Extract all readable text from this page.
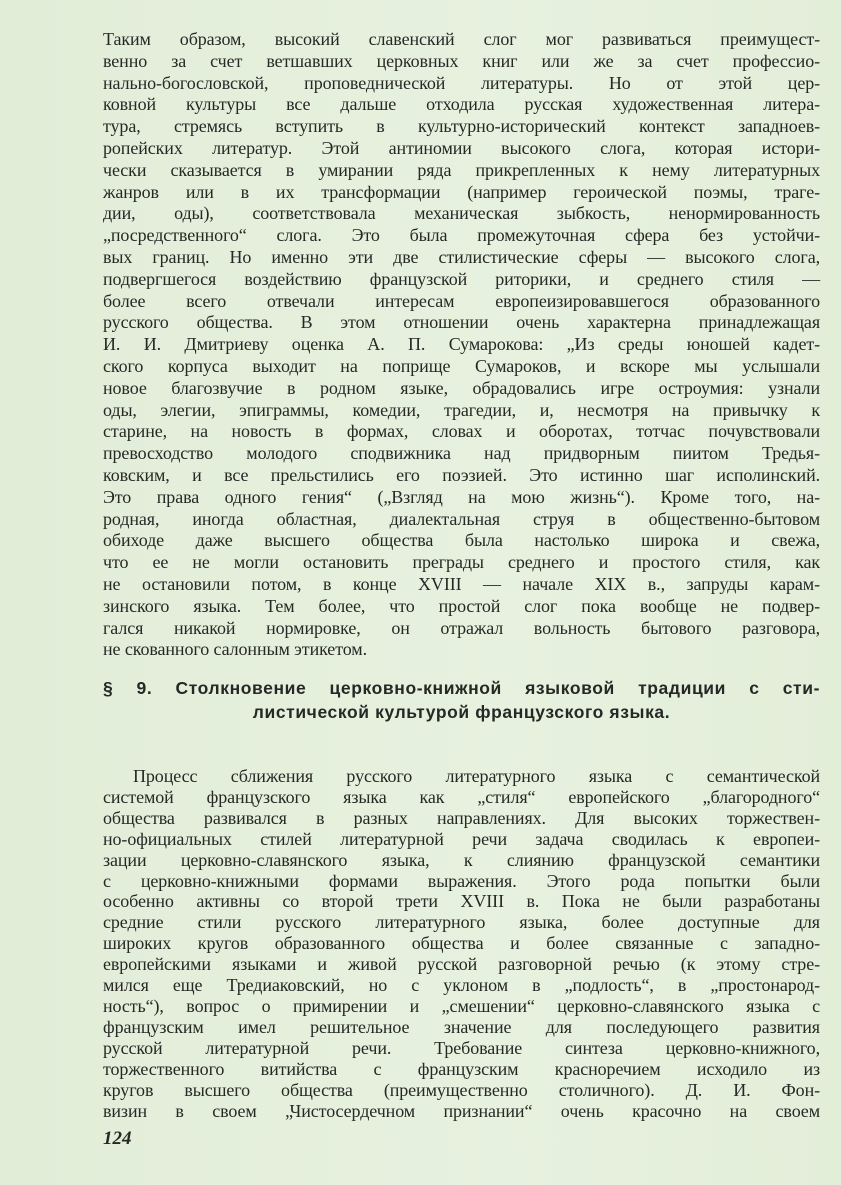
Таким образом, высокий славенский слог мог развиваться преимущест-
венно за счет ветшавших церковных книг или же за счет профессио-
нально-богословской, проповеднической литературы. Но от этой цер-
ковной культуры все дальше отходила русская художественная литера-
тура, стремясь вступить в культурно-исторический контекст западноев-
ропейских литератур. Этой антиномии высокого слога, которая истори-
чески сказывается в умирании ряда прикрепленных к нему литературных
жанров или в их трансформации (например героической поэмы, траге-
дии, оды), соответствовала механическая зыбкость, ненормированность
„посредственного“ слога. Это была промежуточная сфера без устойчи-
вых границ. Но именно эти две стилистические сферы — высокого слога,
подвергшегося воздействию французской риторики, и среднего стиля —
более всего отвечали интересам европеизировавшегося образованного
русского общества. В этом отношении очень характерна принадлежащая
И. И. Дмитриеву оценка А. П. Сумарокова: „Из среды юношей кадет-
ского корпуса выходит на поприще Сумароков, и вскоре мы услышали
новое благозвучие в родном языке, обрадовались игре остроумия: узнали
оды, элегии, эпиграммы, комедии, трагедии, и, несмотря на привычку к
старине, на новость в формах, словах и оборотах, тотчас почувствовали
превосходство молодого сподвижника над придворным пиитом Тредья-
ковским, и все прельстились его поэзией. Это истинно шаг исполинский.
Это права одного гения“ („Взгляд на мою жизнь“). Кроме того, на-
родная, иногда областная, диалектальная струя в общественно-бытовом
обиходе даже высшего общества была настолько широка и свежа,
что ее не могли остановить преграды среднего и простого стиля, как
не остановили потом, в конце XVIII — начале XIX в., запруды карам-
зинского языка. Тем более, что простой слог пока вообще не подвер-
гался никакой нормировке, он отражал вольность бытового разговора,
не скованного салонным этикетом.
§ 9. Столкновение церковно-книжной языковой традиции с сти-
листической культурой французского языка.
Процесс сближения русского литературного языка с семантической
системой французского языка как „стиля“ европейского „благородного“
общества развивался в разных направлениях. Для высоких торжествен-
но-официальных стилей литературной речи задача сводилась к европеи-
зации церковно-славянского языка, к слиянию французской семантики
с церковно-книжными формами выражения. Этого рода попытки были
особенно активны со второй трети XVIII в. Пока не были разработаны
средние стили русского литературного языка, более доступные для
широких кругов образованного общества и более связанные с западно-
европейскими языками и живой русской разговорной речью (к этому стре-
мился еще Тредиаковский, но с уклоном в „подлость“, в „простонарод-
ность“), вопрос о примирении и „смешении“ церковно-славянского языка с
французским имел решительное значение для последующего развития
русской литературной речи. Требование синтеза церковно-книжного,
торжественного витийства с французским красноречием исходило из
кругов высшего общества (преимущественно столичного). Д. И. Фон-
визин в своем „Чистосердечном признании“ очень красочно на своем
124
